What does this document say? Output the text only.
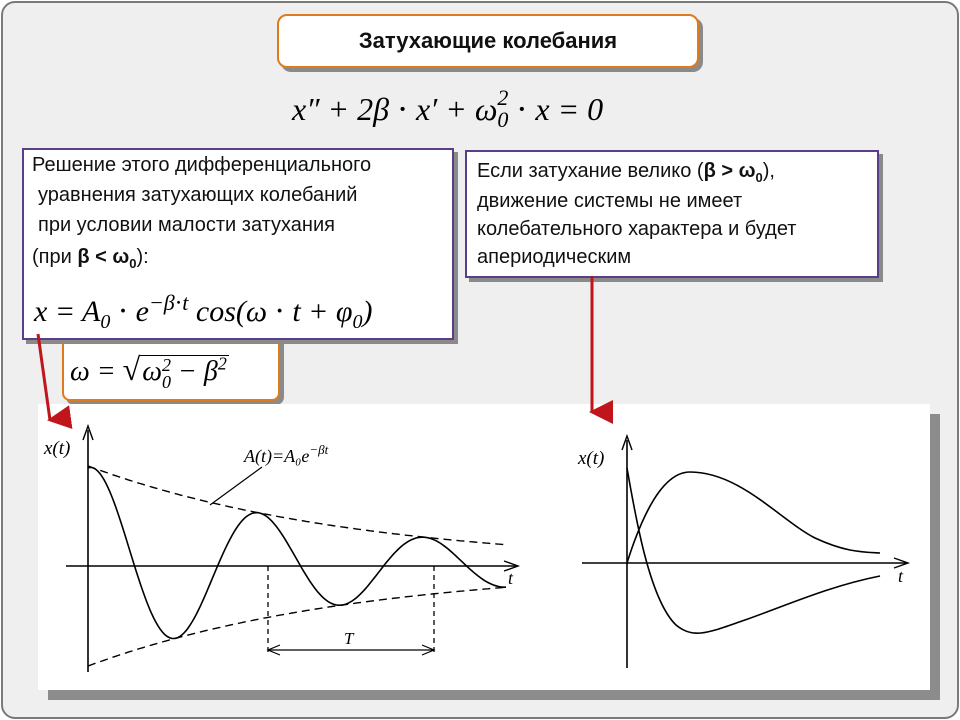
Затухающие колебания
x″ + 2β ⋅ x′ + ω 2
0 ⋅ x = 0
ω = √ω 2
$0 - \beta^2$
Решение этого дифференциального
уравнения затухающих колебаний
при условии малости затухания
(при $\beta < \omega_0$):
$x = A_0 \cdot e^{-\beta\cdot t}$ $\cos(\omega \cdot t + \varphi_0)$
Если затухание велико $(\beta > \omega_0)$,
движение системы не имеет
колебательного характера и будет
апериодическим
x(t)
t
$A(t)=A_0e^{-\beta t}$
T
x(t)
t
